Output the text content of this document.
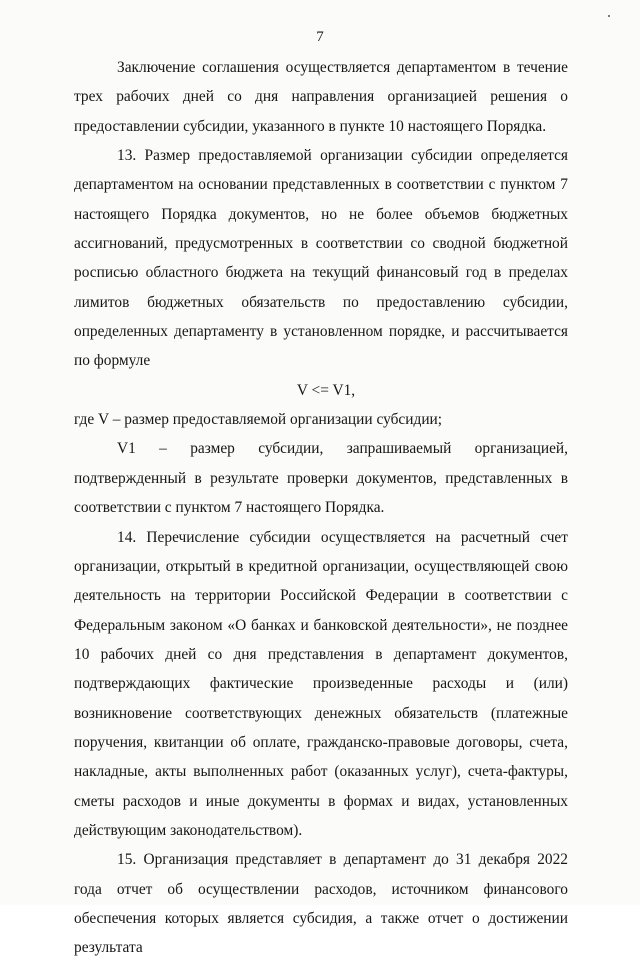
7

Заключение соглашения осуществляется департаментом в течение трех рабочих дней со дня направления организацией решения о предоставлении субсидии, указанного в пункте 10 настоящего Порядка.

13. Размер предоставляемой организации субсидии определяется департаментом на основании представленных в соответствии с пунктом 7 настоящего Порядка документов, но не более объемов бюджетных ассигнований, предусмотренных в соответствии со сводной бюджетной росписью областного бюджета на текущий финансовый год в пределах лимитов бюджетных обязательств по предоставлению субсидии, определенных департаменту в установленном порядке, и рассчитывается по формуле

V <= V1,

где V – размер предоставляемой организации субсидии;

V1 – размер субсидии, запрашиваемый организацией, подтвержденный в результате проверки документов, представленных в соответствии с пунктом 7 настоящего Порядка.

14. Перечисление субсидии осуществляется на расчетный счет организации, открытый в кредитной организации, осуществляющей свою деятельность на территории Российской Федерации в соответствии с Федеральным законом «О банках и банковской деятельности», не позднее 10 рабочих дней со дня представления в департамент документов, подтверждающих фактические произведенные расходы и (или) возникновение соответствующих денежных обязательств (платежные поручения, квитанции об оплате, гражданско-правовые договоры, счета, накладные, акты выполненных работ (оказанных услуг), счета-фактуры, сметы расходов и иные документы в формах и видах, установленных действующим законодательством).

15. Организация представляет в департамент до 31 декабря 2022 года отчет об осуществлении расходов, источником финансового обеспечения которых является субсидия, а также отчет о достижении результата
